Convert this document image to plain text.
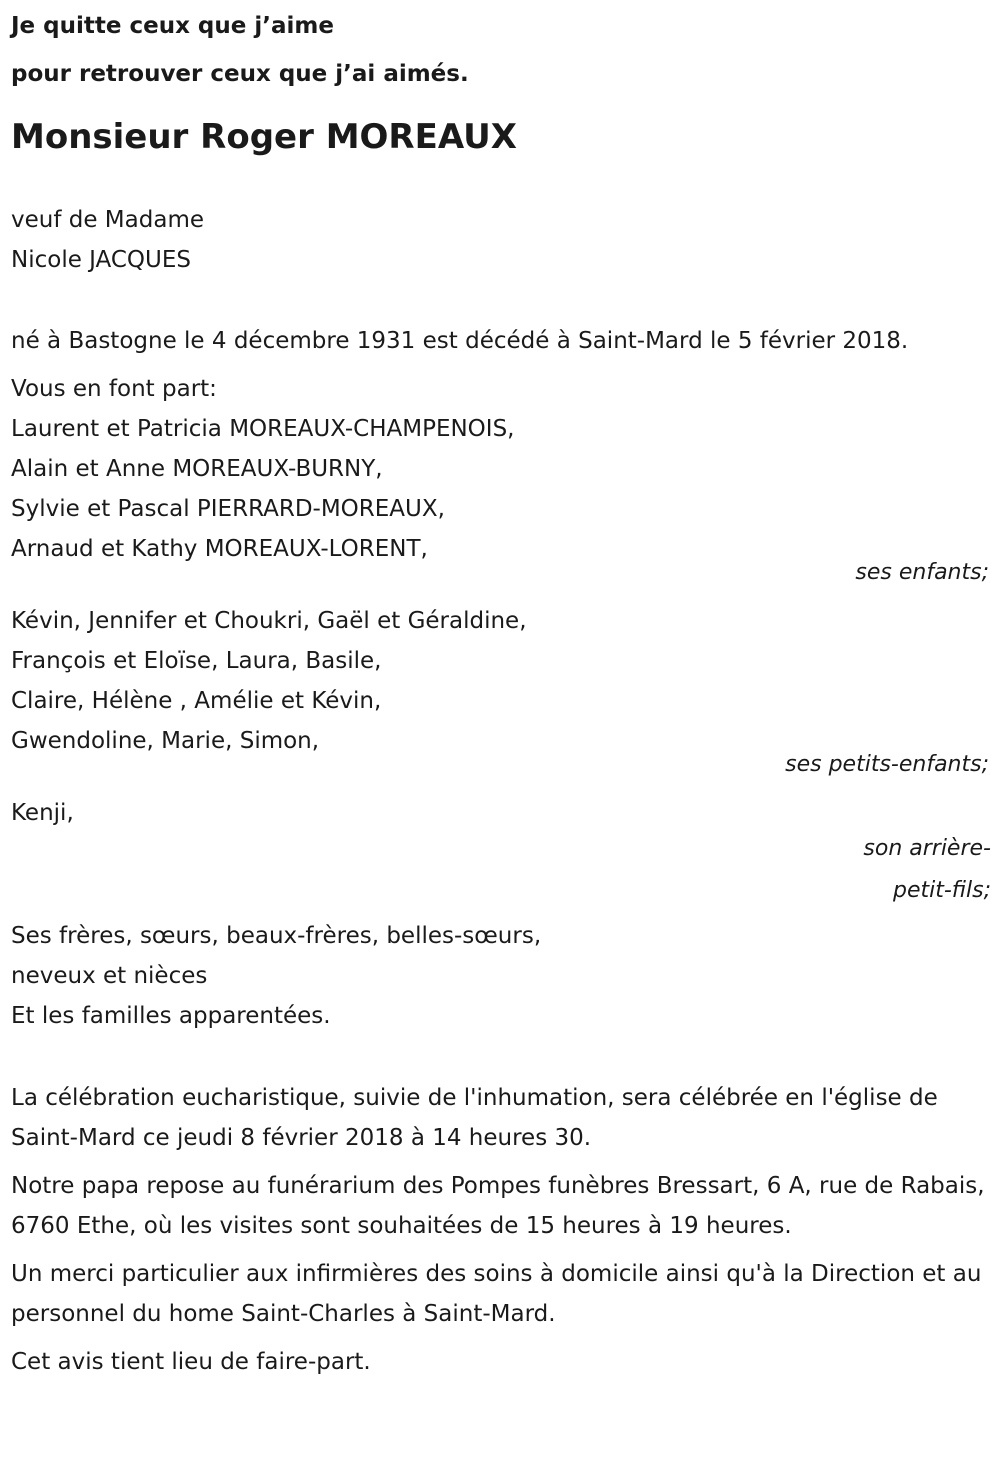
Je quitte ceux que j’aime
pour retrouver ceux que j’ai aimés.
Monsieur Roger MOREAUX
veuf de Madame
Nicole JACQUES

né à Bastogne le 4 décembre 1931 est décédé à Saint-Mard le 5 février 2018.

Vous en font part:
Laurent et Patricia MOREAUX-CHAMPENOIS,
Alain et Anne MOREAUX-BURNY,
Sylvie et Pascal PIERRARD-MOREAUX,
Arnaud et Kathy MOREAUX-LORENT,
ses enfants;
Kévin, Jennifer et Choukri, Gaël et Géraldine,
François et Eloïse, Laura, Basile,
Claire, Hélène , Amélie et Kévin,
Gwendoline, Marie, Simon,
ses petits-enfants;
Kenji,
son arrière-
petit-fils;
Ses frères, sœurs, beaux-frères, belles-sœurs,
neveux et nièces
Et les familles apparentées.

La célébration eucharistique, suivie de l'inhumation, sera célébrée en l'église de Saint-Mard ce jeudi 8 février 2018 à 14 heures 30.

Notre papa repose au funérarium des Pompes funèbres Bressart, 6 A, rue de Rabais, 6760 Ethe, où les visites sont souhaitées de 15 heures à 19 heures.

Un merci particulier aux infirmières des soins à domicile ainsi qu'à la Direction et au personnel du home Saint-Charles à Saint-Mard.

Cet avis tient lieu de faire-part.
